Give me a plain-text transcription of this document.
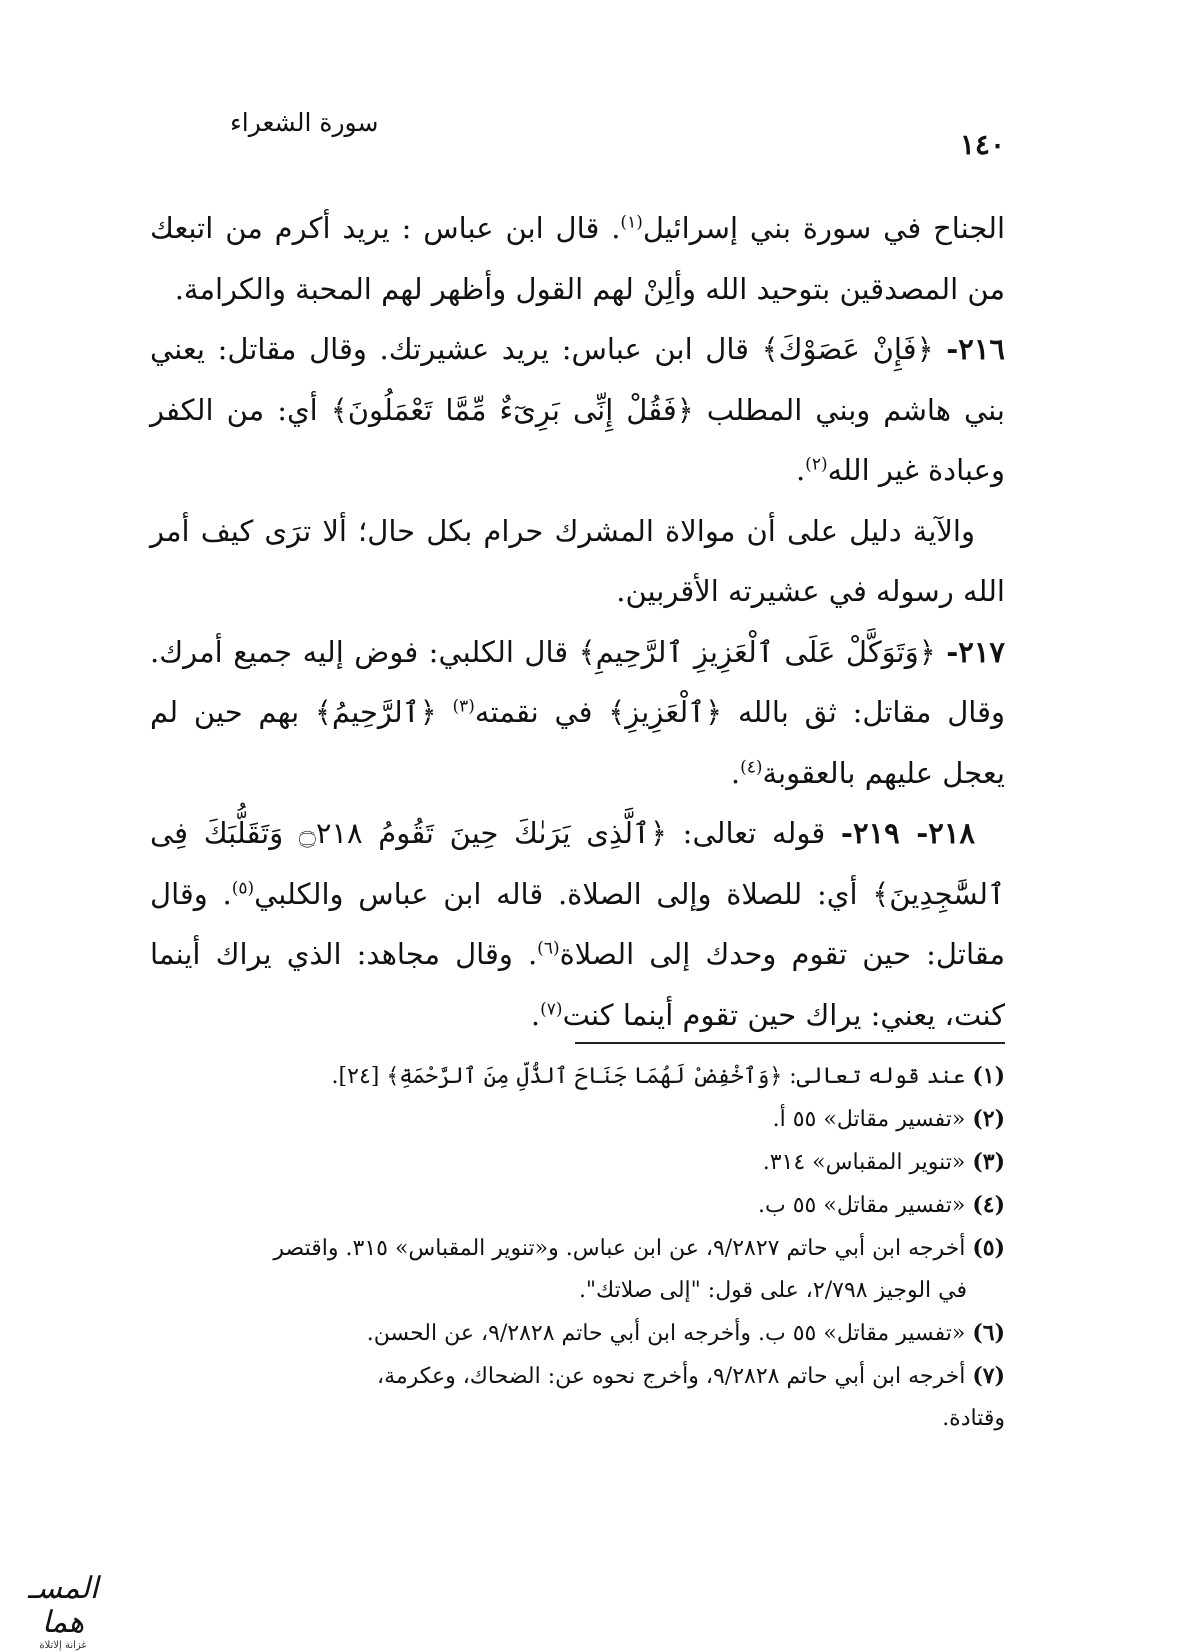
سورة الشعراء
١٤٠

الجناح في سورة بني إسرائيل$^{(١)}$. قال ابن عباس : يريد أكرم من اتبعك من المصدقين بتوحيد الله وألِنْ لهم القول وأظهر لهم المحبة والكرامة.

٢١٦- ﴿فَإِنْ عَصَوْكَ﴾ قال ابن عباس: يريد عشيرتك. وقال مقاتل: يعني بني هاشم وبني المطلب ﴿فَقُلْ إِنِّى بَرِىٓءٌ مِّمَّا تَعْمَلُونَ﴾ أي: من الكفر وعبادة غير الله$^{(٢)}$.

والآية دليل على أن موالاة المشرك حرام بكل حال؛ ألا ترَى كيف أمر الله رسوله في عشيرته الأقربين.

٢١٧- ﴿وَتَوَكَّلْ عَلَى ٱلْعَزِيزِ ٱلرَّحِيمِ﴾ قال الكلبي: فوض إليه جميع أمرك. وقال مقاتل: ثق بالله ﴿ٱلْعَزِيزِ﴾ في نقمته$^{(٣)}$ ﴿ٱلرَّحِيمُ﴾ بهم حين لم يعجل عليهم بالعقوبة$^{(٤)}$.

٢١٨- ٢١٩- قوله تعالى: ﴿ٱلَّذِى يَرَىٰكَ حِينَ تَقُومُ ۝٢١٨ وَتَقَلُّبَكَ فِى ٱلسَّٰجِدِينَ﴾ أي: للصلاة وإلى الصلاة. قاله ابن عباس والكلبي$^{(٥)}$. وقال مقاتل: حين تقوم وحدك إلى الصلاة$^{(٦)}$. وقال مجاهد: الذي يراك أينما كنت، يعني: يراك حين تقوم أينما كنت$^{(٧)}$.

(١) عند قوله تعالى: ﴿وَٱخْفِضْ لَهُمَا جَنَاحَ ٱلذُّلِّ مِنَ ٱلرَّحْمَةِ﴾ [٢٤].

(٢) «تفسير مقاتل» ٥٥ أ.

(٣) «تنوير المقباس» ٣١٤.

(٤) «تفسير مقاتل» ٥٥ ب.

(٥) أخرجه ابن أبي حاتم ٩/٢٨٢٧، عن ابن عباس. و«تنوير المقباس» ٣١٥. واقتصر
في الوجيز ٢/٧٩٨، على قول: "إلى صلاتك".

(٦) «تفسير مقاتل» ٥٥ ب. وأخرجه ابن أبي حاتم ٩/٢٨٢٨، عن الحسن.

(٧) أخرجه ابن أبي حاتم ٩/٢٨٢٨، وأخرج نحوه عن: الضحاك، وعكرمة،
وقتادة.

المسـ هما
غزانة إلاتلاة
